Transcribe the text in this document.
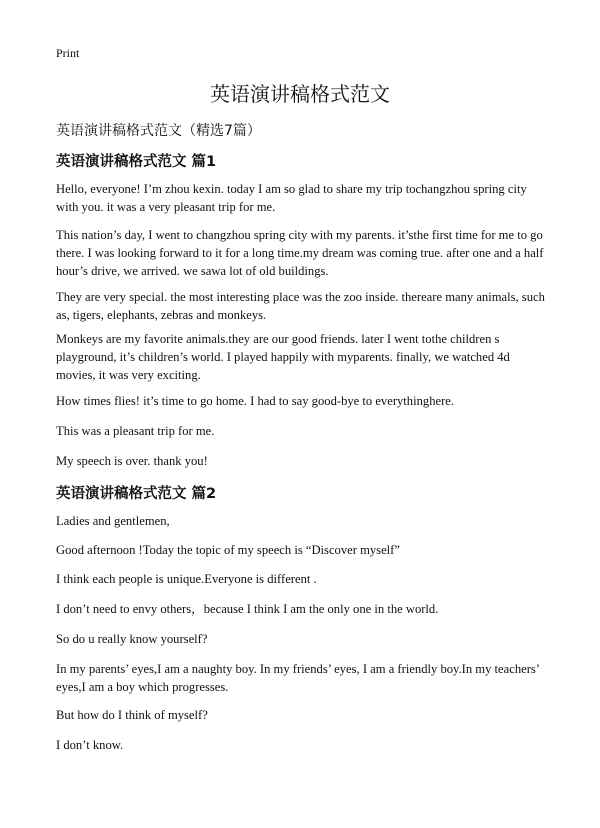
Print
英语演讲稿格式范文
英语演讲稿格式范文（精选7篇）
英语演讲稿格式范文 篇1

Hello, everyone! I’m zhou kexin. today I am so glad to share my trip tochangzhou spring city with you. it was a very pleasant trip for me.

This nation’s day, I went to changzhou spring city with my parents. it’sthe first time for me to go there. I was looking forward to it for a long time.my dream was coming true. after one and a half hour’s drive, we arrived. we sawa lot of old buildings.

They are very special. the most interesting place was the zoo inside. thereare many animals, such as, tigers, elephants, zebras and monkeys.

Monkeys are my favorite animals.they are our good friends. later I went tothe children s playground, it’s children’s world. I played happily with myparents. finally, we watched 4d movies, it was very exciting.

How times flies! it’s time to go home. I had to say good-bye to everythinghere.

This was a pleasant trip for me.

My speech is over. thank you!

英语演讲稿格式范文 篇2

Ladies and gentlemen,

Good afternoon !Today the topic of my speech is “Discover myself”

I think each people is unique.Everyone is different .

I don’t need to envy others，because I think I am the only one in the world.

So do u really know yourself?

In my parents’ eyes,I am a naughty boy. In my friends’ eyes, I am a friendly boy.In my teachers’ eyes,I am a boy which progresses.

But how do I think of myself?

I don’t know.
